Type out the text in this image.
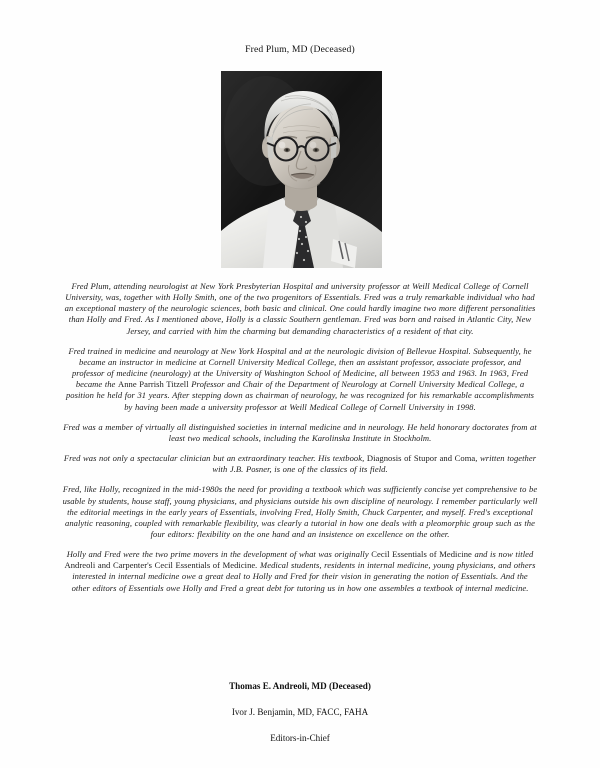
Fred Plum, MD (Deceased)

Fred Plum, attending neurologist at New York Presbyterian Hospital and university professor at Weill Medical College of Cornell University, was, together with Holly Smith, one of the two progenitors of Essentials. Fred was a truly remarkable individual who had an exceptional mastery of the neurologic sciences, both basic and clinical. One could hardly imagine two more different personalities than Holly and Fred. As I mentioned above, Holly is a classic Southern gentleman. Fred was born and raised in Atlantic City, New Jersey, and carried with him the charming but demanding characteristics of a resident of that city.

Fred trained in medicine and neurology at New York Hospital and at the neurologic division of Bellevue Hospital. Subsequently, he became an instructor in medicine at Cornell University Medical College, then an assistant professor, associate professor, and professor of medicine (neurology) at the University of Washington School of Medicine, all between 1953 and 1963. In 1963, Fred became the Anne Parrish Titzell Professor and Chair of the Department of Neurology at Cornell University Medical College, a position he held for 31 years. After stepping down as chairman of neurology, he was recognized for his remarkable accomplishments by having been made a university professor at Weill Medical College of Cornell University in 1998.

Fred was a member of virtually all distinguished societies in internal medicine and in neurology. He held honorary doctorates from at least two medical schools, including the Karolinska Institute in Stockholm.

Fred was not only a spectacular clinician but an extraordinary teacher. His textbook, Diagnosis of Stupor and Coma, written together with J.B. Posner, is one of the classics of its field.

Fred, like Holly, recognized in the mid-1980s the need for providing a textbook which was sufficiently concise yet comprehensive to be usable by students, house staff, young physicians, and physicians outside his own discipline of neurology. I remember particularly well the editorial meetings in the early years of Essentials, involving Fred, Holly Smith, Chuck Carpenter, and myself. Fred's exceptional analytic reasoning, coupled with remarkable flexibility, was clearly a tutorial in how one deals with a pleomorphic group such as the four editors: flexibility on the one hand and an insistence on excellence on the other.

Holly and Fred were the two prime movers in the development of what was originally Cecil Essentials of Medicine and is now titled Andreoli and Carpenter's Cecil Essentials of Medicine. Medical students, residents in internal medicine, young physicians, and others interested in internal medicine owe a great deal to Holly and Fred for their vision in generating the notion of Essentials. And the other editors of Essentials owe Holly and Fred a great debt for tutoring us in how one assembles a textbook of internal medicine.

Thomas E. Andreoli, MD (Deceased)
Ivor J. Benjamin, MD, FACC, FAHA
Editors-in-Chief
